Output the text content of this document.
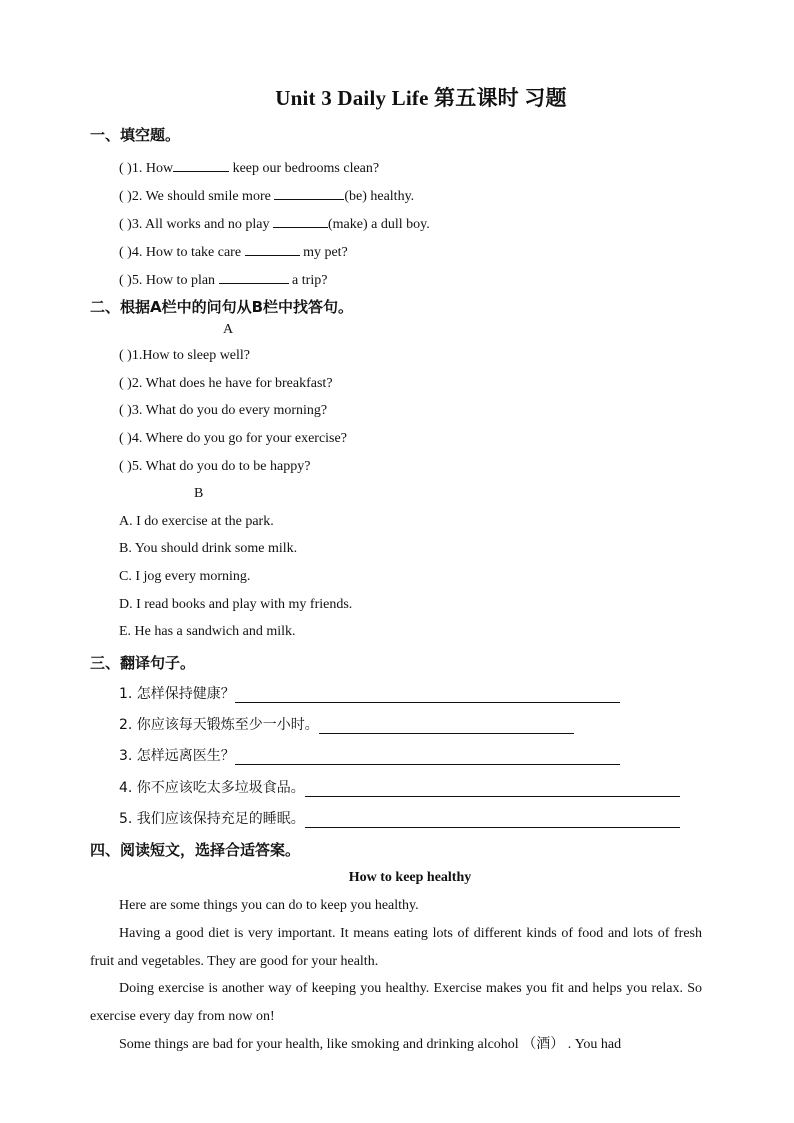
Unit 3 Daily Life 第五课时 习题
一、填空题。
( )1. How	keep our bedrooms clean?
( )2. We should smile more	(be) healthy.
( )3. All works and no play	(make) a dull boy.
( )4. How to take care	my pet?
( )5. How to plan	a trip?
二、根据A栏中的问句从B栏中找答句。
A
( )1.How to sleep well?
( )2. What does he have for breakfast?
( )3. What do you do every morning?
( )4. Where do you go for your exercise?
( )5. What do you do to be happy?
B
A. I do exercise at the park.
B. You should drink some milk.
C. I jog every morning.
D. I read books and play with my friends.
E. He has a sandwich and milk.
三、翻译句子。
1. 怎样保持健康？
2. 你应该每天锻炼至少一小时。
3. 怎样远离医生？
4. 你不应该吃太多垃圾食品。
5. 我们应该保持充足的睡眠。
四、阅读短文，选择合适答案。
How to keep healthy
Here are some things you can do to keep you healthy.
Having a good diet is very important. It means eating lots of different kinds of food and lots of fresh fruit and vegetables. They are good for your health.
Doing exercise is another way of keeping you healthy. Exercise makes you fit and helps you relax. So exercise every day from now on!
Some things are bad for your health, like smoking and drinking alcohol （酒） . You had
